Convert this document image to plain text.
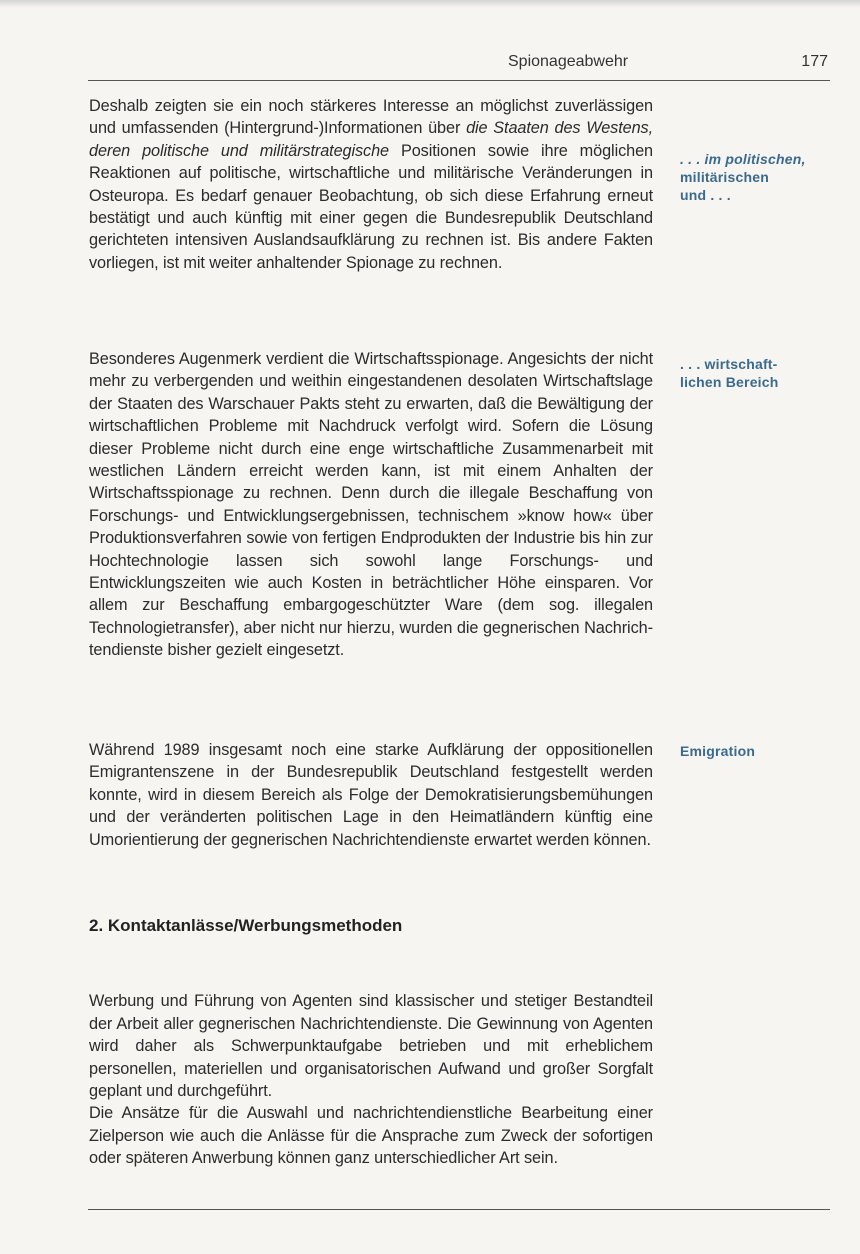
Spionageabwehr	177

Deshalb zeigten sie ein noch stärkeres Interesse an möglichst zuverlässigen und umfassenden (Hintergrund-)Informationen über die Staaten des Westens, deren politische und militärstrategische Positionen sowie ihre möglichen Reaktionen auf politische, wirtschaftliche und militärische Veränderungen in Osteuropa. Es bedarf genauer Beobachtung, ob sich diese Erfahrung erneut bestätigt und auch künftig mit einer gegen die Bundesrepublik Deutschland gerichteten intensiven Auslandsaufklärung zu rechnen ist. Bis andere Fakten vorliegen, ist mit weiter anhaltender Spionage zu rechnen.

. . . im politischen,
militärischen
und . . .

Besonderes Augenmerk verdient die Wirtschaftsspionage. Angesichts der nicht mehr zu verbergenden und weithin eingestandenen desolaten Wirtschaftslage der Staaten des Warschauer Pakts steht zu erwarten, daß die Bewältigung der wirtschaftlichen Probleme mit Nachdruck verfolgt wird. Sofern die Lösung dieser Probleme nicht durch eine enge wirtschaftliche Zusammenarbeit mit westlichen Ländern erreicht werden kann, ist mit einem Anhalten der Wirtschaftsspionage zu rechnen. Denn durch die illegale Beschaffung von Forschungs- und Entwicklungsergebnissen, technischem »know how« über Produktionsverfahren sowie von fertigen Endprodukten der Industrie bis hin zur Hochtechnologie lassen sich sowohl lange Forschungs- und Entwicklungszeiten wie auch Kosten in beträchtlicher Höhe einsparen. Vor allem zur Beschaffung embargogeschützter Ware (dem sog. illegalen Technologietransfer), aber nicht nur hierzu, wurden die gegnerischen Nachrichtendienste bisher gezielt eingesetzt.

. . . wirtschaft-
lichen Bereich

Während 1989 insgesamt noch eine starke Aufklärung der oppositionellen Emigrantenszene in der Bundesrepublik Deutschland festgestellt werden konnte, wird in diesem Bereich als Folge der Demokratisierungsbemühungen und der veränderten politischen Lage in den Heimatländern künftig eine Umorientierung der gegnerischen Nachrichtendienste erwartet werden können.

Emigration
2. Kontaktanlässe/Werbungsmethoden

Werbung und Führung von Agenten sind klassischer und stetiger Bestandteil der Arbeit aller gegnerischen Nachrichtendienste. Die Gewinnung von Agenten wird daher als Schwerpunktaufgabe betrieben und mit erheblichem personellen, materiellen und organisatorischen Aufwand und großer Sorgfalt geplant und durchgeführt.
Die Ansätze für die Auswahl und nachrichtendienstliche Bearbeitung einer Zielperson wie auch die Anlässe für die Ansprache zum Zweck der sofortigen oder späteren Anwerbung können ganz unterschiedlicher Art sein.
